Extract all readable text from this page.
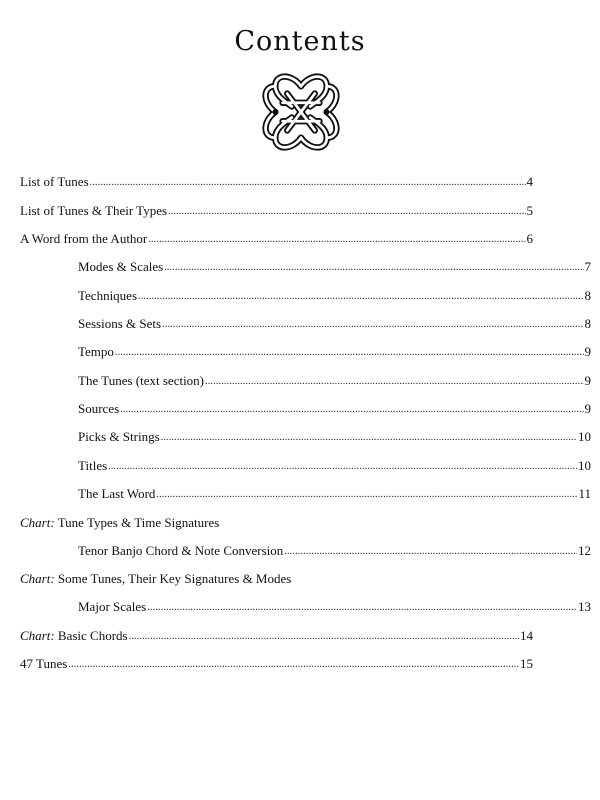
Contents
List of Tunes .....	4
List of Tunes & Their Types .....	5
A Word from the Author .....	6
Modes & Scales .....	7
Techniques .....	8
Sessions & Sets .....	8
Tempo .....	9
The Tunes (text section) .....	9
Sources .....	9
Picks & Strings .....	10
Titles .....	10
The Last Word .....	11
Chart: Tune Types & Time Signatures
Tenor Banjo Chord & Note Conversion .....	12
Chart: Some Tunes, Their Key Signatures & Modes
Major Scales .....	13
Chart: Basic Chords .....	14
47 Tunes .....	15
